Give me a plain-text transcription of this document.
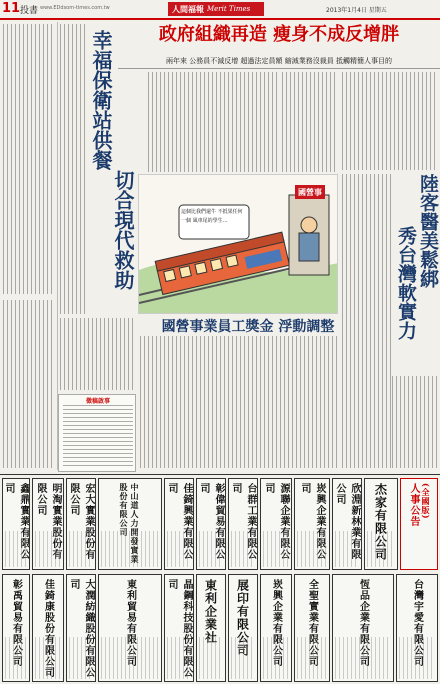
11 投書 www.EDdsom-times.com.tw	人間福報 Merit Times	2013年1月4日 星期五
幸福保衛站供餐
切合現代救助
徵稿啟事
政府組織再造 瘦身不成反增胖
兩年來 公務員不減反增 超過法定員額 縮減業務沒裁員 抵觸精簡人事目的
陸客醫美鬆綁
秀台灣軟實力
國營事
這個比我們還牛 不抵果任何一個 風車尾的學生…
國營事業員工獎金 浮動調整
鑫鼎實業有限公司	明淘實業股份有限公司	宏大實業股份有限公司	中山道人力開發實業股份有限公司	佳錡興業有限公司	彰偉貿易有限公司	台群工業有限公司	源聯企業有限公司	崁興企業有限公司	欣淵新林業有限公司	杰家有限公司 人事公告 (全國版)
彰禹貿易有限公司 佳錡康股份有限公司	大潤紡織股份有限公司	東利貿易有限公司	晶鋼科技股份有限公司	東利企業社 展印有限公司 崁興企業有限公司	全聖實業有限公司	恆品企業有限公司	台灣宇愛有限公司
